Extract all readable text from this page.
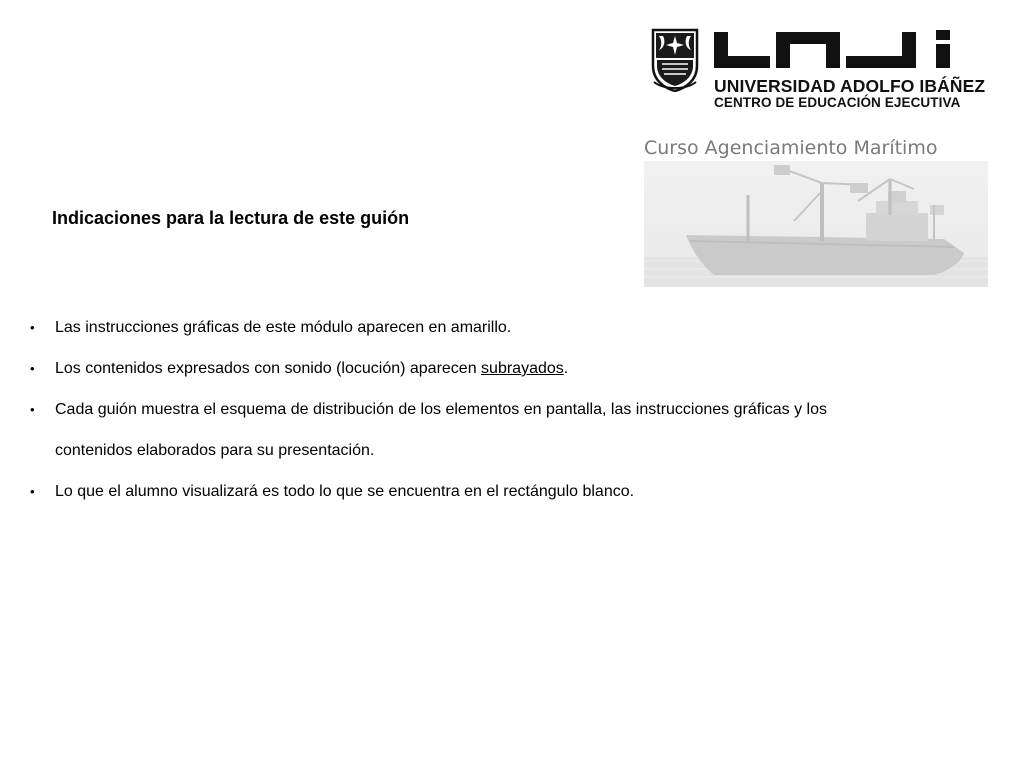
UNIVERSIDAD ADOLFO IBÁÑEZ
CENTRO DE EDUCACIÓN EJECUTIVA
Curso Agenciamiento Marítimo
Indicaciones para la lectura de este guión
• Las instrucciones gráficas de este módulo aparecen en amarillo.
• Los contenidos expresados con sonido (locución) aparecen subrayados.
• Cada guión muestra el esquema de distribución de los elementos en pantalla, las instrucciones gráficas y los
contenidos elaborados para su presentación.
• Lo que el alumno visualizará es todo lo que se encuentra en el rectángulo blanco.
